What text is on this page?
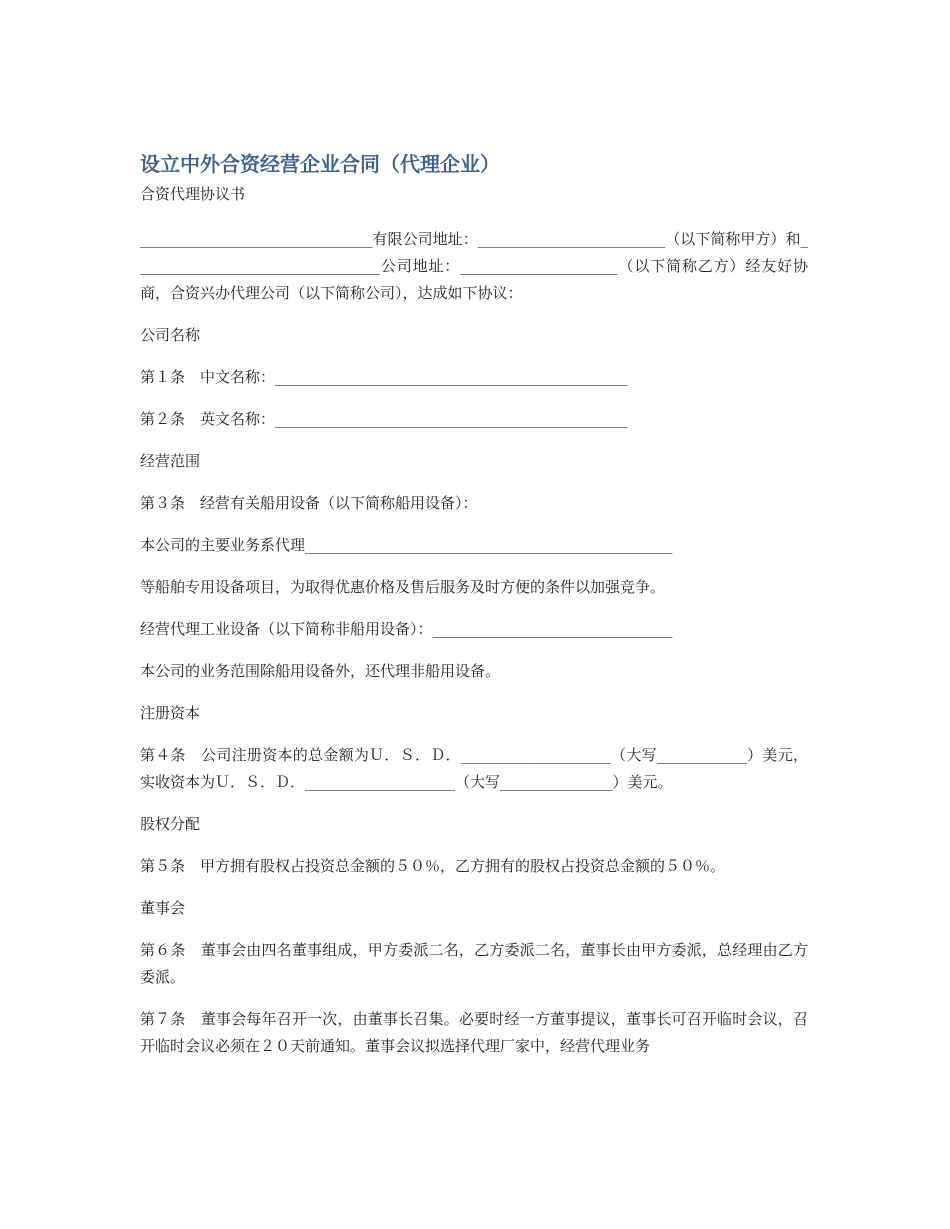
设立中外合资经营企业合同（代理企业）

合资代理协议书

_______________________________有限公司地址：_________________________（以下简称甲方）和_________________________________公司地址：_____________________（以下简称乙方）经友好协商，合资兴办代理公司（以下简称公司），达成如下协议：

公司名称

第１条　中文名称：_______________________________________________

第２条　英文名称：_______________________________________________

经营范围

第３条　经营有关船用设备（以下简称船用设备）：

本公司的主要业务系代理_________________________________________________

等船舶专用设备项目，为取得优惠价格及售后服务及时方便的条件以加强竞争。

经营代理工业设备（以下简称非船用设备）：________________________________

本公司的业务范围除船用设备外，还代理非船用设备。

注册资本

第４条　公司注册资本的总金额为Ｕ．Ｓ．Ｄ．____________________（大写____________）美元，实收资本为Ｕ．Ｓ．Ｄ．____________________（大写_______________）美元。

股权分配

第５条　甲方拥有股权占投资总金额的５０％，乙方拥有的股权占投资总金额的５０％。

董事会

第６条　董事会由四名董事组成，甲方委派二名，乙方委派二名，董事长由甲方委派，总经理由乙方委派。

第７条　董事会每年召开一次，由董事长召集。必要时经一方董事提议，董事长可召开临时会议，召开临时会议必须在２０天前通知。董事会议拟选择代理厂家中，经营代理业务
